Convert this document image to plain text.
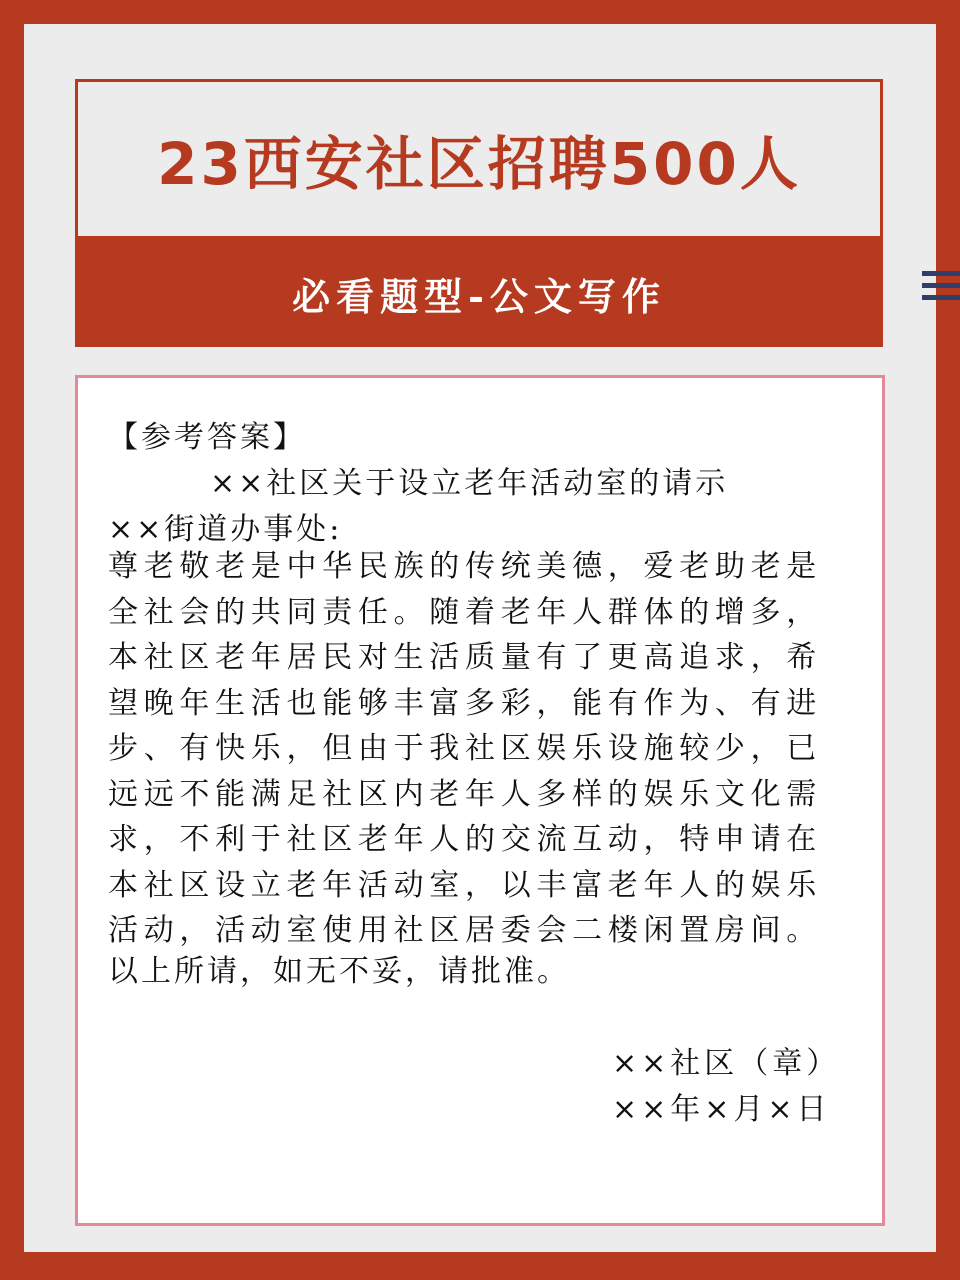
23西安社区招聘500人
必看题型-公文写作
【参考答案】
××社区关于设立老年活动室的请示
××街道办事处:
尊老敬老是中华民族的传统美德，爱老助老是全社会的共同责任。随着老年人群体的增多，本社区老年居民对生活质量有了更高追求，希望晚年生活也能够丰富多彩，能有作为、有进步、有快乐，但由于我社区娱乐设施较少，已远远不能满足社区内老年人多样的娱乐文化需求，不利于社区老年人的交流互动，特申请在本社区设立老年活动室，以丰富老年人的娱乐活动，活动室使用社区居委会二楼闲置房间。
以上所请，如无不妥，请批准。
××社区（章）
××年×月×日
